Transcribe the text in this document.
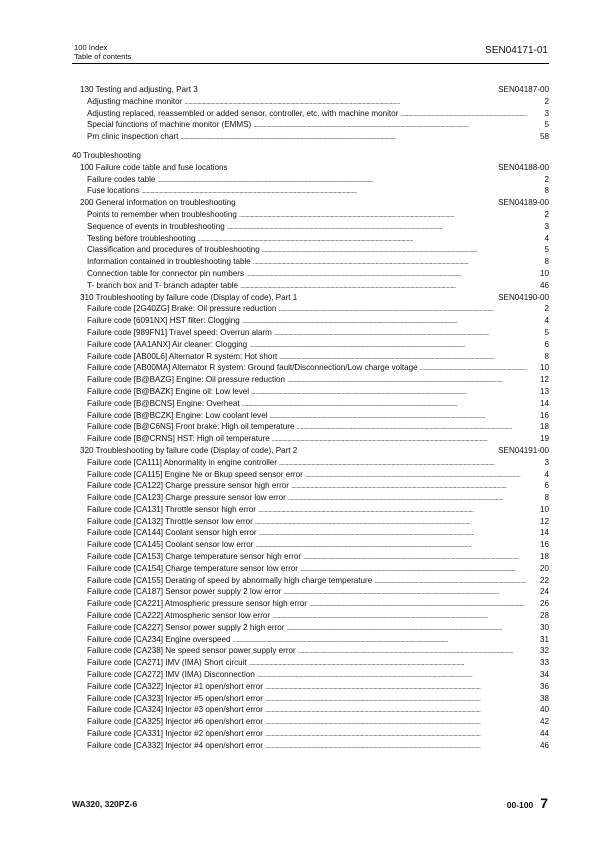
100 Index
Table of contents
SEN04171-01
130 Testing and adjusting, Part 3	SEN04187-00
Adjusting machine monitor . . .	2
Adjusting replaced, reassembled or added sensor, controller, etc. with machine monitor . . .	3
Special functions of machine monitor (EMMS) . . .	5
Pm clinic inspection chart . . .	58
40 Troubleshooting
100 Failure code table and fuse locations	SEN04188-00
Failure codes table . . .	2
Fuse locations . . .	8
200 General information on troubleshooting	SEN04189-00
Points to remember when troubleshooting . . .	2
Sequence of events in troubleshooting . . .	3
Testing before troubleshooting . . .	4
Classification and procedures of troubleshooting . . .	5
Information contained in troubleshooting table . . .	8
Connection table for connector pin numbers . . .	10
T- branch box and T- branch adapter table . . .	46
310 Troubleshooting by failure code (Display of code), Part 1	SEN04190-00
Failure code [2G40ZG] Brake: Oil pressure reduction . . .	2
Failure code [6091NX] HST filter: Clogging . . .	4
Failure code [989FN1] Travel speed: Overrun alarm . . .	5
Failure code [AA1ANX] Air cleaner: Clogging . . .	6
Failure code [AB00L6] Alternator R system: Hot short . . .	8
Failure code [AB00MA] Alternator R system: Ground fault/Disconnection/Low charge voltage . . .	10
Failure code [B@BAZG] Engine: Oil pressure reduction . . .	12
Failure code [B@BAZK] Engine oil: Low level . . .	13
Failure code [B@BCNS] Engine: Overheat . . .	14
Failure code [B@BCZK] Engine: Low coolant level . . .	16
Failure code [B@C6NS] Front brake: High oil temperature . . .	18
Failure code [B@CRNS] HST: High oil temperature . . .	19
320 Troubleshooting by failure code (Display of code), Part 2	SEN04191-00
Failure code [CA111] Abnormality in engine controller . . .	3
Failure code [CA115] Engine Ne or Bkup speed sensor error . . .	4
Failure code [CA122] Charge pressure sensor high error . . .	6
Failure code [CA123] Charge pressure sensor low error . . .	8
Failure code [CA131] Throttle sensor high error . . .	10
Failure code [CA132] Throttle sensor low error . . .	12
Failure code [CA144] Coolant sensor high error . . .	14
Failure code [CA145] Coolant sensor low error . . .	16
Failure code [CA153] Charge temperature sensor high error . . .	18
Failure code [CA154] Charge temperature sensor low error . . .	20
Failure code [CA155] Derating of speed by abnormally high charge temperature . . .	22
Failure code [CA187] Sensor power supply 2 low error . . .	24
Failure code [CA221] Atmospheric pressure sensor high error . . .	26
Failure code [CA222] Atmospheric sensor low error . . .	28
Failure code [CA227] Sensor power supply 2 high error . . .	30
Failure code [CA234] Engine overspeed . . .	31
Failure code [CA238] Ne speed sensor power supply error . . .	32
Failure code [CA271] IMV (IMA) Short circuit . . .	33
Failure code [CA272] IMV (IMA) Disconnection . . .	34
Failure code [CA322] Injector #1 open/short error . . .	36
Failure code [CA323] Injector #5 open/short error . . .	38
Failure code [CA324] Injector #3 open/short error . . .	40
Failure code [CA325] Injector #6 open/short error . . .	42
Failure code [CA331] Injector #2 open/short error . . .	44
Failure code [CA332] Injector #4 open/short error . . .	46
WA320, 320PZ-6	00-100 7
